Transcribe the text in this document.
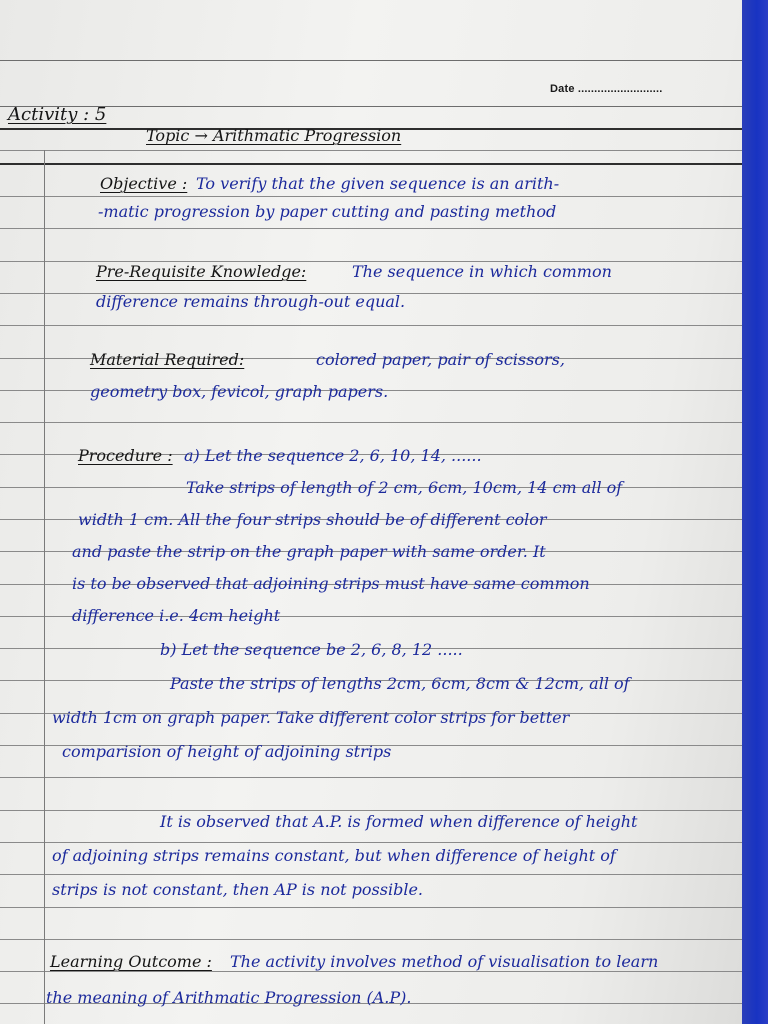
Date ..........................
Activity : 5
Topic → Arithmatic Progression
Objective : To verify that the given sequence is an arith-
-matic progression by paper cutting and pasting method
Pre-Requisite Knowledge:	The sequence in which common
difference remains through-out equal.
Material Required:	colored paper, pair of scissors,
geometry box, fevicol, graph papers.
Procedure : a) Let the sequence 2, 6, 10, 14, ......
Take strips of length of 2 cm, 6cm, 10cm, 14 cm all of
width 1 cm. All the four strips should be of different color
and paste the strip on the graph paper with same order. It
is to be observed that adjoining strips must have same common
difference i.e. 4cm height
b) Let the sequence be 2, 6, 8, 12 .....
Paste the strips of lengths 2cm, 6cm, 8cm & 12cm, all of
width 1cm on graph paper. Take different color strips for better
comparision of height of adjoining strips
It is observed that A.P. is formed when difference of height
of adjoining strips remains constant, but when difference of height of
strips is not constant, then AP is not possible.
Learning Outcome : The activity involves method of visualisation to learn
the meaning of Arithmatic Progression (A.P).
